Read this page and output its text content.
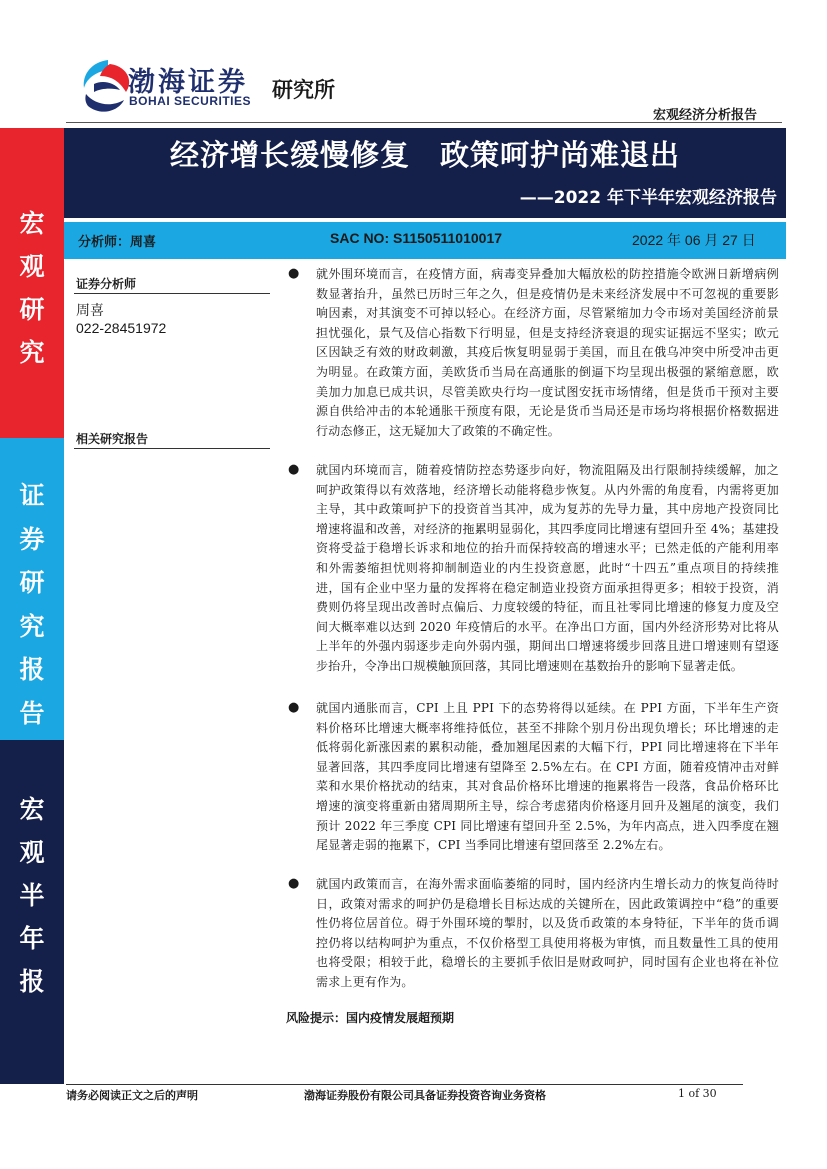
渤海证券
BOHAI SECURITIES 研究所
宏观经济分析报告
宏
观
研
究
证
券
研
究
报
告
宏
观
半
年
报
经济增长缓慢修复　政策呵护尚难退出
——2022 年下半年宏观经济报告
分析师：周喜	SAC NO: S1150511010017	2022 年 06 月 27 日
证券分析师
周喜
022-28451972
相关研究报告
● 就外围环境而言，在疫情方面，病毒变异叠加大幅放松的防控措施令欧洲日新增病例数显著抬升，虽然已历时三年之久，但是疫情仍是未来经济发展中不可忽视的重要影响因素，对其演变不可掉以轻心。在经济方面，尽管紧缩加力令市场对美国经济前景担忧强化，景气及信心指数下行明显，但是支持经济衰退的现实证据远不坚实；欧元区因缺乏有效的财政刺激，其疫后恢复明显弱于美国，而且在俄乌冲突中所受冲击更为明显。在政策方面，美欧货币当局在高通胀的倒逼下均呈现出极强的紧缩意愿，欧美加力加息已成共识，尽管美欧央行均一度试图安抚市场情绪，但是货币干预对主要源自供给冲击的本轮通胀干预度有限，无论是货币当局还是市场均将根据价格数据进行动态修正，这无疑加大了政策的不确定性。
● 就国内环境而言，随着疫情防控态势逐步向好，物流阻隔及出行限制持续缓解，加之呵护政策得以有效落地，经济增长动能将稳步恢复。从内外需的角度看，内需将更加主导，其中政策呵护下的投资首当其冲，成为复苏的先导力量，其中房地产投资同比增速将温和改善，对经济的拖累明显弱化，其四季度同比增速有望回升至 4%；基建投资将受益于稳增长诉求和地位的抬升而保持较高的增速水平；已然走低的产能利用率和外需萎缩担忧则将抑制制造业的内生投资意愿，此时“十四五”重点项目的持续推进，国有企业中坚力量的发挥将在稳定制造业投资方面承担得更多；相较于投资，消费则仍将呈现出改善时点偏后、力度较缓的特征，而且社零同比增速的修复力度及空间大概率难以达到 2020 年疫情后的水平。在净出口方面，国内外经济形势对比将从上半年的外强内弱逐步走向外弱内强，期间出口增速将缓步回落且进口增速则有望逐步抬升，令净出口规模触顶回落，其同比增速则在基数抬升的影响下显著走低。
● 就国内通胀而言，CPI 上且 PPI 下的态势将得以延续。在 PPI 方面，下半年生产资料价格环比增速大概率将维持低位，甚至不排除个别月份出现负增长；环比增速的走低将弱化新涨因素的累积动能，叠加翘尾因素的大幅下行，PPI 同比增速将在下半年显著回落，其四季度同比增速有望降至 2.5%左右。在 CPI 方面，随着疫情冲击对鲜菜和水果价格扰动的结束，其对食品价格环比增速的拖累将告一段落，食品价格环比增速的演变将重新由猪周期所主导，综合考虑猪肉价格逐月回升及翘尾的演变，我们预计 2022 年三季度 CPI 同比增速有望回升至 2.5%，为年内高点，进入四季度在翘尾显著走弱的拖累下，CPI 当季同比增速有望回落至 2.2%左右。
● 就国内政策而言，在海外需求面临萎缩的同时，国内经济内生增长动力的恢复尚待时日，政策对需求的呵护仍是稳增长目标达成的关键所在，因此政策调控中“稳”的重要性仍将位居首位。碍于外围环境的掣肘，以及货币政策的本身特征，下半年的货币调控仍将以结构呵护为重点，不仅价格型工具使用将极为审慎，而且数量性工具的使用也将受限；相较于此，稳增长的主要抓手依旧是财政呵护，同时国有企业也将在补位需求上更有作为。
风险提示：国内疫情发展超预期
请务必阅读正文之后的声明	渤海证券股份有限公司具备证券投资咨询业务资格	1 of 30
